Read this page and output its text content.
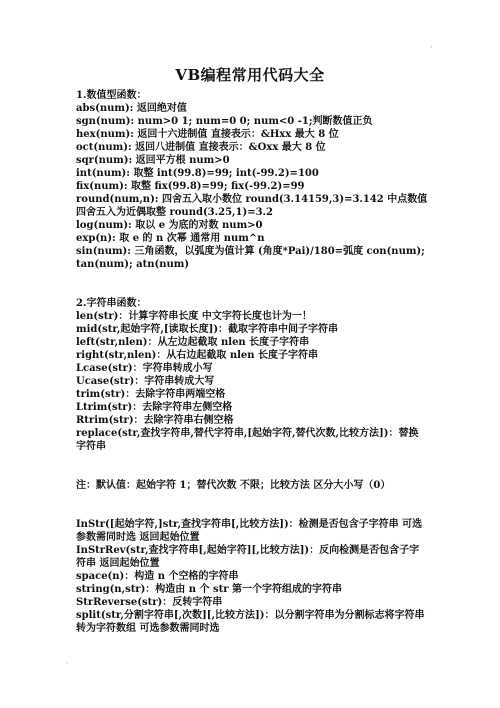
·
VB编程常用代码大全
1.数值型函数：
abs(num): 返回绝对值
sgn(num): num>0 1; num=0 0; num<0 -1;判断数值正负
hex(num): 返回十六进制值 直接表示：&Hxx 最大 8 位
oct(num): 返回八进制值 直接表示：&Oxx 最大 8 位
sqr(num): 返回平方根 num>0
int(num): 取整 int(99.8)=99; int(-99.2)=100
fix(num): 取整 fix(99.8)=99; fix(-99.2)=99
round(num,n): 四舍五入取小数位 round(3.14159,3)=3.142 中点数值四舍五入为近偶取整 round(3.25,1)=3.2
log(num): 取以 e 为底的对数 num>0
exp(n): 取 e 的 n 次幂 通常用 num^n
sin(num): 三角函数，以弧度为值计算 (角度*Pai)/180=弧度 con(num); tan(num); atn(num)
2.字符串函数：
len(str)：计算字符串长度 中文字符长度也计为一！
mid(str,起始字符,[读取长度])：截取字符串中间子字符串
left(str,nlen)：从左边起截取 nlen 长度子字符串
right(str,nlen)：从右边起截取 nlen 长度子字符串
Lcase(str)：字符串转成小写
Ucase(str)：字符串转成大写
trim(str)：去除字符串两端空格
Ltrim(str)：去除字符串左侧空格
Rtrim(str)：去除字符串右侧空格
replace(str,查找字符串,替代字符串,[起始字符,替代次数,比较方法])：替换字符串
注：默认值：起始字符 1；替代次数 不限；比较方法 区分大小写（0）
InStr([起始字符,]str,查找字符串[,比较方法])：检测是否包含子字符串 可选参数需同时选 返回起始位置
InStrRev(str,查找字符串[,起始字符][,比较方法])：反向检测是否包含子字符串 返回起始位置
space(n)：构造 n 个空格的字符串
string(n,str)：构造由 n 个 str 第一个字符组成的字符串
StrReverse(str)：反转字符串
split(str,分割字符串[,次数][,比较方法])：以分割字符串为分割标志将字符串转为字符数组 可选参数需同时选
·
